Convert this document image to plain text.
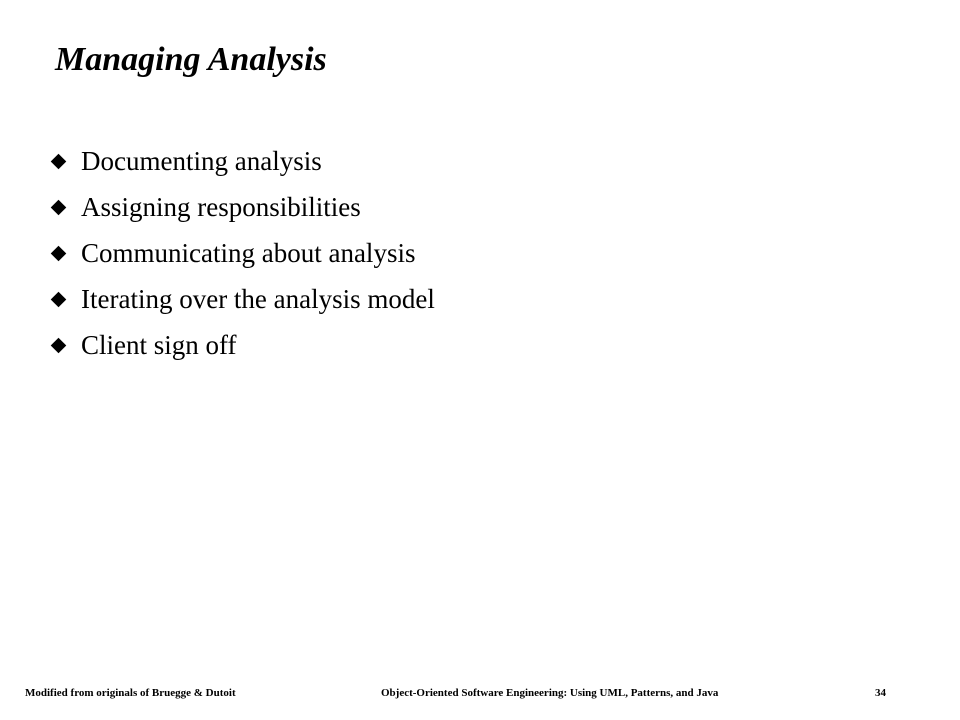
Managing Analysis
Documenting analysis
Assigning responsibilities
Communicating about analysis
Iterating over the analysis model
Client sign off
Modified from originals of Bruegge & Dutoit	Object-Oriented Software Engineering: Using UML, Patterns, and Java	34
